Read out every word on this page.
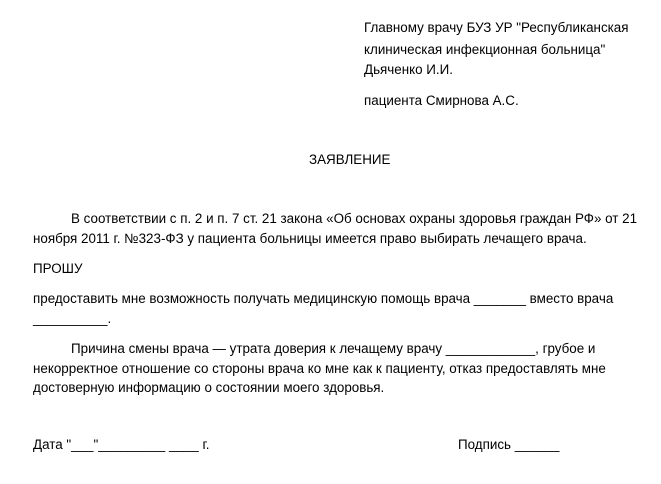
Главному врачу БУЗ УР "Республиканская
клиническая инфекционная больница"
Дьяченко И.И.
пациента Смирнова А.С.
ЗАЯВЛЕНИЕ
В соответствии с п. 2 и п. 7 ст. 21 закона «Об основах охраны здоровья граждан РФ» от 21
ноября 2011 г. №323-ФЗ у пациента больницы имеется право выбирать лечащего врача.
ПРОШУ
предоставить мне возможность получать медицинскую помощь врача _______ вместо врача
__________.
Причина смены врача — утрата доверия к лечащему врачу ____________, грубое и
некорректное отношение со стороны врача ко мне как к пациенту, отказ предоставлять мне
достоверную информацию о состоянии моего здоровья.
Дата "___"_________ ____ г.	Подпись ______
